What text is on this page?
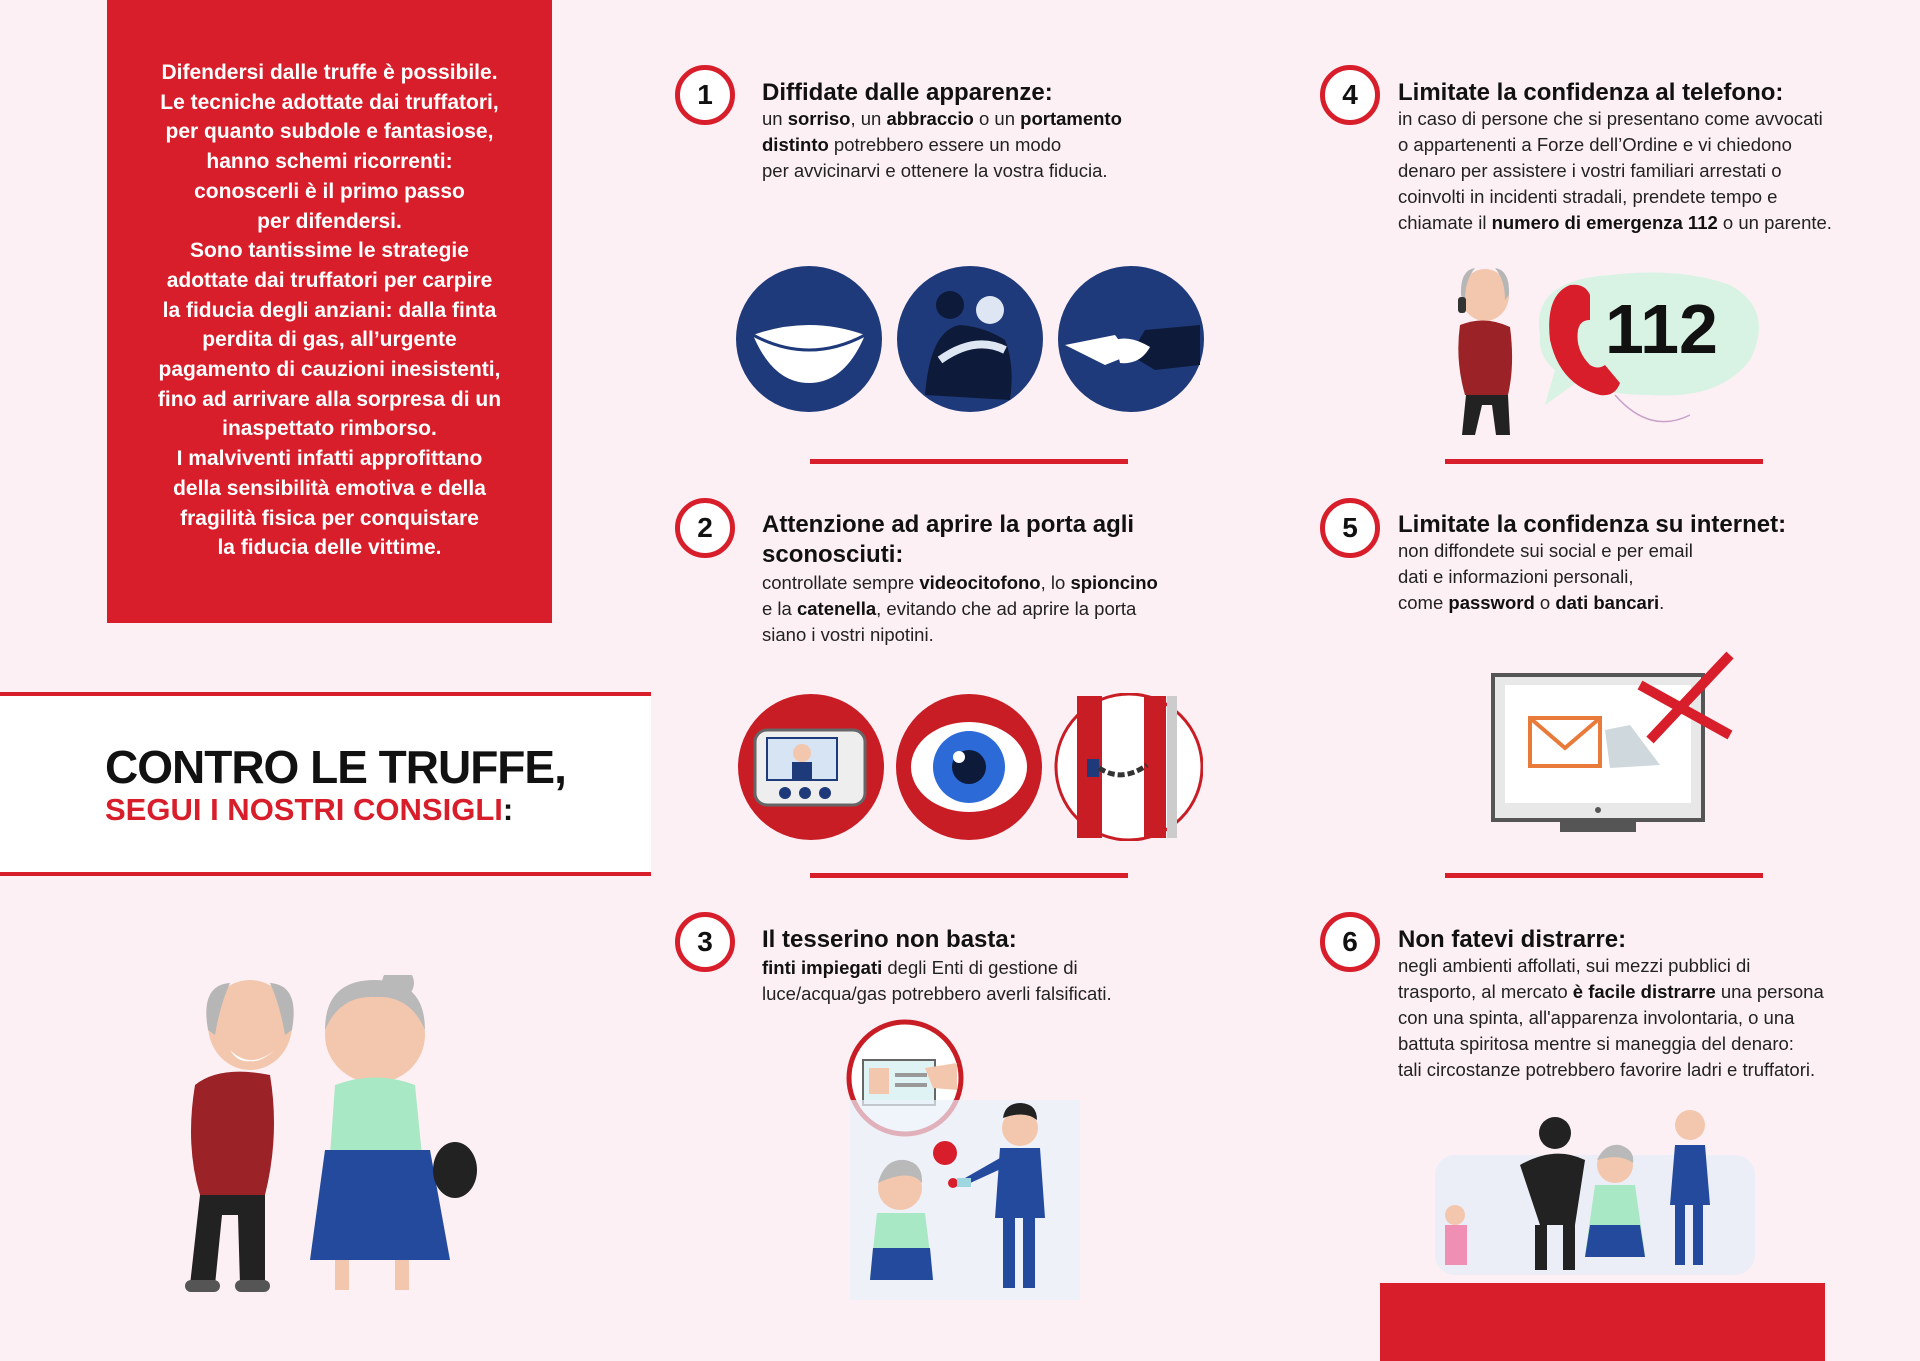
Difendersi dalle truffe è possibile.
Le tecniche adottate dai truffatori,
per quanto subdole e fantasiose,
hanno schemi ricorrenti:
conoscerli è il primo passo
per difendersi.
Sono tantissime le strategie
adottate dai truffatori per carpire
la fiducia degli anziani: dalla finta
perdita di gas, all’urgente
pagamento di cauzioni inesistenti,
fino ad arrivare alla sorpresa di un
inaspettato rimborso.
I malviventi infatti approfittano
della sensibilità emotiva e della
fragilità fisica per conquistare
la fiducia delle vittime.
CONTRO LE TRUFFE,
SEGUI I NOSTRI CONSIGLI:
1 Diffidate dalle apparenze:
un sorriso, un abbraccio o un portamento
distinto potrebbero essere un modo
per avvicinarvi e ottenere la vostra fiducia.
2 Attenzione ad aprire la porta agli sconosciuti:
controllate sempre videocitofono, lo spioncino
e la catenella, evitando che ad aprire la porta
siano i vostri nipotini.
3 Il tesserino non basta:
finti impiegati degli Enti di gestione di
luce/acqua/gas potrebbero averli falsificati.
4 Limitate la confidenza al telefono:
in caso di persone che si presentano come avvocati
o appartenenti a Forze dell’Ordine e vi chiedono
denaro per assistere i vostri familiari arrestati o
coinvolti in incidenti stradali, prendete tempo e
chiamate il numero di emergenza 112 o un parente.
112
5 Limitate la confidenza su internet:
non diffondete sui social e per email
dati e informazioni personali,
come password o dati bancari.
6 Non fatevi distrarre:
negli ambienti affollati, sui mezzi pubblici di
trasporto, al mercato è facile distrarre una persona
con una spinta, all'apparenza involontaria, o una
battuta spiritosa mentre si maneggia del denaro:
tali circostanze potrebbero favorire ladri e truffatori.
